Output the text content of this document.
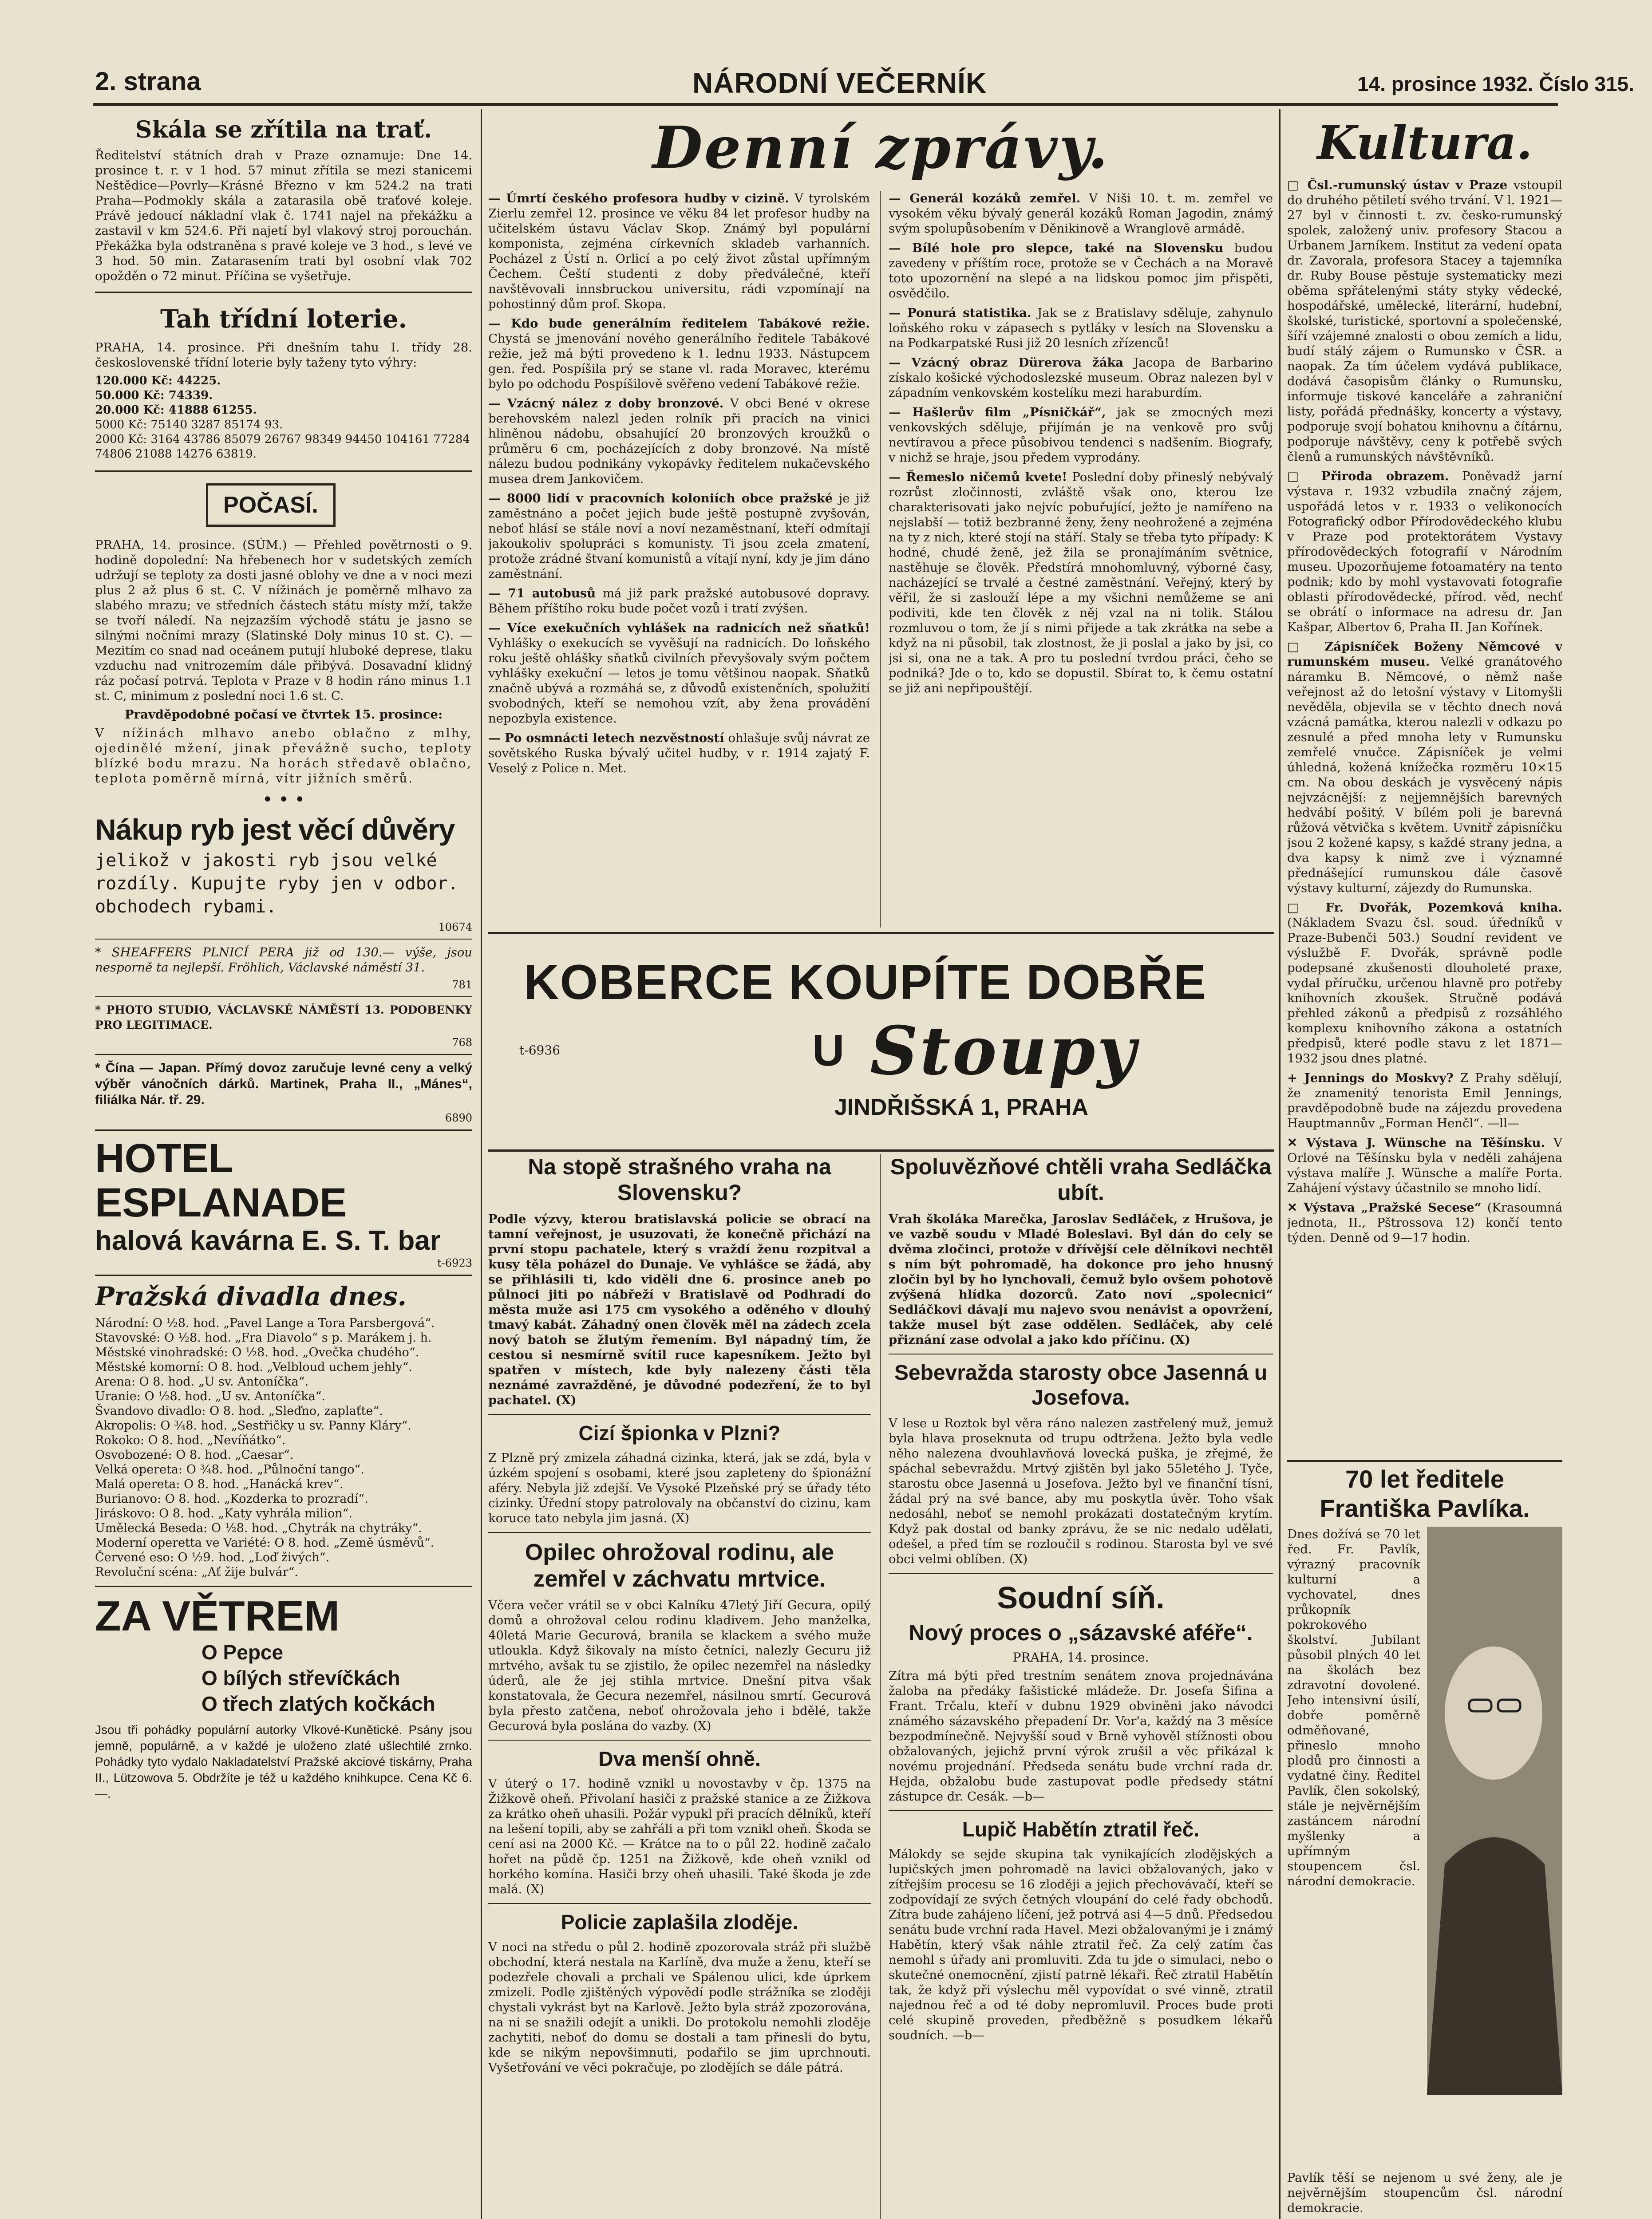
2. strana	NÁRODNÍ VEČERNÍK	14. prosince 1932. Číslo 315.
Skála se zřítila na trať.

Ředitelství státních drah v Praze oznamuje: Dne 14. prosince t. r. v 1 hod. 57 minut zřítila se mezi stanicemi Neštědice—Povrly—Krásné Březno v km 524.2 na trati Praha—Podmokly skála a zatarasila obě traťové koleje. Právě jedoucí nákladní vlak č. 1741 najel na překážku a zastavil v km 524.6. Při najetí byl vlakový stroj porouchán. Překážka byla odstraněna s pravé koleje ve 3 hod., s levé ve 3 hod. 50 min. Zatarasením trati byl osobní vlak 702 opožděn o 72 minut. Příčina se vyšetřuje.

Tah třídní loterie.

PRAHA, 14. prosince. Při dnešním tahu I. třídy 28. československé třídní loterie byly taženy tyto výhry:

120.000 Kč: 44225.
50.000 Kč: 74339.
20.000 Kč: 41888 61255.
5000 Kč: 75140 3287 85174 93.
2000 Kč: 3164 43786 85079 26767 98349 94450 104161 77284 74806 21088 14276 63819.
POČASÍ.

PRAHA, 14. prosince. (SÚM.) — Přehled povětrnosti o 9. hodině dopolední: Na hřebenech hor v sudetských zemích udržují se teploty za dosti jasné oblohy ve dne a v noci mezi plus 2 až plus 6 st. C. V nížinách je poměrně mlhavo za slabého mrazu; ve středních částech státu místy mží, takže se tvoří náledí. Na nejzazším východě státu je jasno se silnými nočními mrazy (Slatinské Doly minus 10 st. C). — Mezitím co snad nad oceánem putují hluboké deprese, tlaku vzduchu nad vnitrozemím dále přibývá. Dosavadní klidný ráz počasí potrvá. Teplota v Praze v 8 hodin ráno minus 1.1 st. C, minimum z poslední noci 1.6 st. C.

Pravděpodobné počasí ve čtvrtek 15. prosince:

V nížinách mlhavo anebo oblačno z mlhy, ojedinělé mžení, jinak převážně sucho, teploty blízké bodu mrazu. Na horách středavě oblačno, teplota poměrně mírná, vítr jižních směrů.

• • •
Nákup ryb jest věcí důvěry
jelikož v jakosti ryb jsou velké rozdíly. Kupujte ryby jen v odbor. obchodech rybami.
10674

* SHEAFFERS PLNICÍ PERA již od 130.— výše, jsou nesporně ta nejlepší. Fröhlich, Václavské náměstí 31.

781

* PHOTO STUDIO, VÁCLAVSKÉ NÁMĚSTÍ 13. PODOBENKY PRO LEGITIMACE.

768

* Čína — Japan. Přímý dovoz zaručuje levné ceny a velký výběr vánočních dárků. Martinek, Praha II., „Mánes“, filiálka Nár. tř. 29.

6890
HOTEL ESPLANADE
halová kavárna E. S. T. bar
t-6923
Pražská divadla dnes.
Národní: O ½8. hod. „Pavel Lange a Tora Parsbergová“.
Stavovské: O ½8. hod. „Fra Diavolo“ s p. Marákem j. h.
Městské vinohradské: O ½8. hod. „Ovečka chudého“.
Městské komorní: O 8. hod. „Velbloud uchem jehly“.
Arena: O 8. hod. „U sv. Antoníčka“.
Uranie: O ½8. hod. „U sv. Antoníčka“.
Švandovo divadlo: O 8. hod. „Sleďno, zaplaťte“.
Akropolis: O ¾8. hod. „Sestřičky u sv. Panny Kláry“.
Rokoko: O 8. hod. „Nevíňátko“.
Osvobozené: O 8. hod. „Caesar“.
Velká opereta: O ¾8. hod. „Půlnoční tango“.
Malá opereta: O 8. hod. „Hanácká krev“.
Burianovo: O 8. hod. „Kozderka to prozradí“.
Jiráskovo: O 8. hod. „Katy vyhrála milion“.
Umělecká Beseda: O ½8. hod. „Chytrák na chytráky“.
Moderní operetta ve Variété: O 8. hod. „Země úsměvů“.
Červené eso: O ½9. hod. „Loď živých“.
Revoluční scéna: „Ať žije bulvár“.
ZA VĚTREM
O Pepce
O bílých střevíčkách
O třech zlatých kočkách

Jsou tři pohádky populární autorky Vlkové-Kunětické. Psány jsou jemně, populárně, a v každé je uloženo zlaté ušlechtilé zrnko. Pohádky tyto vydalo Nakladatelství Pražské akciové tiskárny, Praha II., Lützowova 5. Obdržíte je též u každého knihkupce. Cena Kč 6.—.

Denní zprávy.
— Úmrtí českého profesora hudby v cizině. V tyrolském Zierlu zemřel 12. prosince ve věku 84 let profesor hudby na učitelském ústavu Václav Skop. Známý byl populární komponista, zejména církevních skladeb varhanních. Pocházel z Ústí n. Orlicí a po celý život zůstal upřímným Čechem. Čeští studenti z doby předválečné, kteří navštěvovali innsbruckou universitu, rádi vzpomínají na pohostinný dům prof. Skopa.
— Kdo bude generálním ředitelem Tabákové režie. Chystá se jmenování nového generálního ředitele Tabákové režie, jež má býti provedeno k 1. lednu 1933. Nástupcem gen. řed. Pospíšila prý se stane vl. rada Moravec, kterému bylo po odchodu Pospíšilově svěřeno vedení Tabákové režie.
— Vzácný nález z doby bronzové. V obci Bené v okrese berehovském nalezl jeden rolník při pracích na vinici hliněnou nádobu, obsahující 20 bronzových kroužků o průměru 6 cm, pocházejících z doby bronzové. Na místě nálezu budou podnikány vykopávky ředitelem nukačevského musea drem Jankovičem.
— 8000 lidí v pracovních koloniích obce pražské je již zaměstnáno a počet jejich bude ještě postupně zvyšován, neboť hlásí se stále noví a noví nezaměstnaní, kteří odmítají jakoukoliv spolupráci s komunisty. Ti jsou zcela zmatení, protože zrádné štvaní komunistů a vítají nyní, kdy je jim dáno zaměstnání.
— 71 autobusů má již park pražské autobusové dopravy. Během příštího roku bude počet vozů i tratí zvýšen.
— Více exekučních vyhlášek na radnicích než sňatků! Vyhlášky o exekucích se vyvěšují na radnicích. Do loňského roku ještě ohlášky sňatků civilních převyšovaly svým počtem vyhlášky exekuční — letos je tomu většinou naopak. Sňatků značně ubývá a rozmáhá se, z důvodů existenčních, spolužití svobodných, kteří se nemohou vzít, aby žena provádění nepozbyla existence.
— Po osmnácti letech nezvěstností ohlašuje svůj návrat ze sovětského Ruska bývalý učitel hudby, v r. 1914 zajatý F. Veselý z Police n. Met.
— Generál kozáků zemřel. V Niši 10. t. m. zemřel ve vysokém věku bývalý generál kozáků Roman Jagodin, známý svým spolupůsobením v Děnikinově a Wranglově armádě.
— Bílé hole pro slepce, také na Slovensku budou zavedeny v příštím roce, protože se v Čechách a na Moravě toto upozornění na slepé a na lidskou pomoc jim přispěti, osvědčilo.
— Ponurá statistika. Jak se z Bratislavy sděluje, zahynulo loňského roku v zápasech s pytláky v lesích na Slovensku a na Podkarpatské Rusi již 20 lesních zřízenců!
— Vzácný obraz Dürerova žáka Jacopa de Barbarino získalo košické východoslezské museum. Obraz nalezen byl v západním venkovském kostelíku mezi haraburdím.
— Hašlerův film „Písničkář“, jak se zmocných mezi venkovských sděluje, přijímán je na venkově pro svůj nevtíravou a přece působivou tendenci s nadšením. Biografy, v nichž se hraje, jsou předem vyprodány.
— Řemeslo ničemů kvete! Poslední doby přineslý nebývalý rozrůst zločinnosti, zvláště však ono, kterou lze charakterisovati jako nejvíc pobuřující, ježto je namířeno na nejslabší — totiž bezbranné ženy, ženy neohrožené a zejména na ty z nich, které stojí na stáří. Staly se třeba tyto případy: K hodné, chudé ženě, jež žila se pronajímáním světnice, nastěhuje se člověk. Předstírá mnohomluvný, výborné časy, nacházející se trvalé a čestné zaměstnání. Veřejný, který by věřil, že si zaslouží lépe a my všichni nemůžeme se ani podiviti, kde ten člověk z něj vzal na ni tolik. Stálou rozmluvou o tom, že jí s nimi přijede a tak zkrátka na sebe a když na ni působil, tak zlostnost, že ji poslal a jako by jsi, co jsi si, ona ne a tak. A pro tu poslední tvrdou práci, čeho se podniká? Jde o to, kdo se dopustil. Sbírat to, k čemu ostatní se již ani nepřipouštějí.
KOBERCE KOUPÍTE DOBŘE
U Stoupy
t-6936
JINDŘIŠSKÁ 1, PRAHA
Na stopě strašného vraha na Slovensku?

Podle výzvy, kterou bratislavská policie se obrací na tamní veřejnost, je usuzovati, že konečně přichází na první stopu pachatele, který s vraždí ženu rozpitval a kusy těla poházel do Dunaje. Ve vyhlášce se žádá, aby se přihlásili ti, kdo viděli dne 6. prosince aneb po půlnoci jiti po nábřeží v Bratislavě od Podhradí do města muže asi 175 cm vysokého a oděného v dlouhý tmavý kabát. Záhadný onen člověk měl na zádech zcela nový batoh se žlutým řemením. Byl nápadný tím, že cestou si nesmírně svítil ruce kapesníkem. Ježto byl spatřen v místech, kde byly nalezeny části těla neznámé zavražděné, je důvodné podezření, že to byl pachatel. (X)

Cizí špionka v Plzni?

Z Plzně prý zmizela záhadná cizinka, která, jak se zdá, byla v úzkém spojení s osobami, které jsou zapleteny do špionážní aféry. Nebyla již zdejší. Ve Vysoké Plzeňské prý se úřady této cizinky. Úřední stopy patrolovaly na občanství do cizinu, kam koruce tato nebyla jim jasná. (X)

Opilec ohrožoval rodinu, ale zemřel v záchvatu mrtvice.

Včera večer vrátil se v obci Kalníku 47letý Jiří Gecura, opilý domů a ohrožoval celou rodinu kladivem. Jeho manželka, 40letá Marie Gecurová, branila se klackem a svého muže utloukla. Když šikovaly na místo četníci, nalezly Gecuru již mrtvého, avšak tu se zjistilo, že opilec nezemřel na následky úderů, ale že jej stihla mrtvice. Dnešní pitva však konstatovala, že Gecura nezemřel, násilnou smrtí. Gecurová byla přesto zatčena, neboť ohrožovala jeho i bdělé, takže Gecurová byla poslána do vazby. (X)

Dva menší ohně.

V úterý o 17. hodině vznikl u novostavby v čp. 1375 na Žižkově oheň. Přivolaní hasiči z pražské stanice a ze Žižkova za krátko oheň uhasili. Požár vypukl při pracích dělníků, kteří na lešení topili, aby se zahřáli a při tom vznikl oheň. Škoda se cení asi na 2000 Kč. — Krátce na to o půl 22. hodině začalo hořet na půdě čp. 1251 na Žižkově, kde oheň vznikl od horkého komína. Hasiči brzy oheň uhasili. Také škoda je zde malá. (X)

Policie zaplašila zloděje.

V noci na středu o půl 2. hodině zpozorovala stráž při službě obchodní, která nestala na Karlíně, dva muže a ženu, kteří se podezřele chovali a prchali ve Spálenou ulici, kde úprkem zmizeli. Podle zjištěných výpovědí podle strážníka se zloději chystali vykrást byt na Karlově. Ježto byla stráž zpozorována, na ni se snažili odejít a unikli. Do protokolu nemohli zloděje zachytiti, neboť do domu se dostali a tam přinesli do bytu, kde se nikým nepovšimnuti, podařilo se jim uprchnouti. Vyšetřování ve věci pokračuje, po zlodějích se dále pátrá.

Spoluvězňové chtěli vraha Sedláčka ubít.

Vrah školáka Marečka, Jaroslav Sedláček, z Hrušova, je ve vazbě soudu v Mladé Boleslavi. Byl dán do cely se dvěma zločinci, protože v dřívější cele dělníkovi nechtěl s ním být pohromadě, ha dokonce pro jeho hnusný zločin byl by ho lynchovali, čemuž bylo ovšem pohotově zvýšená hlídka dozorců. Zato noví „spolecnici“ Sedláčkovi dávají mu najevo svou nenávist a opovržení, takže musel být zase oddělen. Sedláček, aby celé přiznání zase odvolal a jako kdo příčinu. (X)

Sebevražda starosty obce Jasenná u Josefova.

V lese u Roztok byl věra ráno nalezen zastřelený muž, jemuž byla hlava proseknuta od trupu odtržena. Ježto byla vedle něho nalezena dvouhlavňová lovecká puška, je zřejmé, že spáchal sebevraždu. Mrtvý zjištěn byl jako 55letého J. Tyče, starostu obce Jasenná u Josefova. Ježto byl ve finanční tísni, žádal prý na své bance, aby mu poskytla úvěr. Toho však nedosáhl, neboť se nemohl prokázati dostatečným krytím. Když pak dostal od banky zprávu, že se nic nedalo udělati, odešel, a před tím se rozloučil s rodinou. Starosta byl ve své obci velmi oblíben. (X)

Soudní síň.
Nový proces o „sázavské aféře“.
PRAHA, 14. prosince.

Zítra má býti před trestním senátem znova projednávána žaloba na předáky fašistické mládeže. Dr. Josefa Šifina a Frant. Trčalu, kteří v dubnu 1929 obviněni jako návodci známého sázavského přepadení Dr. Vor'a, každý na 3 měsíce bezpodmínečně. Nejvyšší soud v Brně vyhověl stížnosti obou obžalovaných, jejichž první výrok zrušil a věc přikázal k novému projednání. Předseda senátu bude vrchní rada dr. Hejda, obžalobu bude zastupovat podle předsedy státní zástupce dr. Cesák. —b—

Lupič Habětín ztratil řeč.

Málokdy se sejde skupina tak vynikajících zlodějských a lupičských jmen pohromadě na lavici obžalovaných, jako v zítřejším procesu se 16 zloději a jejich přechovávačí, kteří se zodpovídají ze svých četných vloupání do celé řady obchodů. Zítra bude zahájeno líčení, jež potrvá asi 4—5 dnů. Předsedou senátu bude vrchní rada Havel. Mezi obžalovanými je i známý Habětín, který však náhle ztratil řeč. Za celý zatím čas nemohl s úřady ani promluviti. Zda tu jde o simulaci, nebo o skutečné onemocnění, zjistí patrně lékaři. Řeč ztratil Habětín tak, že když při výslechu měl vypovídat o své vinně, ztratil najednou řeč a od té doby nepromluvil. Proces bude proti celé skupině proveden, předběžně s posudkem lékařů soudních. —b—

Kultura.
□ Čsl.-rumunský ústav v Praze vstoupil do druhého pětiletí svého trvání. V l. 1921—27 byl v činnosti t. zv. česko-rumunský spolek, založený univ. profesory Stacou a Urbanem Jarníkem. Institut za vedení opata dr. Zavorala, profesora Stacey a tajemníka dr. Ruby Bouse pěstuje systematicky mezi oběma spřátelenými státy styky vědecké, hospodářské, umělecké, literární, hudební, školské, turistické, sportovní a společenské, šíří vzájemné znalosti o obou zemích a lidu, budí stálý zájem o Rumunsko v ČSR. a naopak. Za tím účelem vydává publikace, dodává časopisům články o Rumunsku, informuje tiskové kanceláře a zahraniční listy, pořádá přednášky, koncerty a výstavy, podporuje svojí bohatou knihovnu a čítárnu, podporuje návštěvy, ceny k potřebě svých členů a rumunských návštěvníků.
□ Přiroda obrazem. Poněvadž jarní výstava r. 1932 vzbudila značný zájem, uspořádá letos v r. 1933 o velikonocích Fotografický odbor Přírodovědeckého klubu v Praze pod protektorátem Vystavy přírodovědeckých fotografií v Národním museu. Upozorňujeme fotoamatéry na tento podnik; kdo by mohl vystavovati fotografie oblasti přírodovědecké, přírod. věd, nechť se obrátí o informace na adresu dr. Jan Kašpar, Albertov 6, Praha II. Jan Kořínek.
□ Zápisníček Boženy Němcové v rumunském museu. Velké granátového náramku B. Němcové, o němž naše veřejnost až do letošní výstavy v Litomyšli nevěděla, objevila se v těchto dnech nová vzácná památka, kterou nalezli v odkazu po zesnulé a před mnoha lety v Rumunsku zemřelé vnučce. Zápisníček je velmi úhledná, kožená knížečka rozměru 10×15 cm. Na obou deskách je vysvěcený nápis nejvzácnější: z nejjemnějších barevných hedvábí pošitý. V bílém poli je barevná růžová větvička s květem. Uvnitř zápisníčku jsou 2 kožené kapsy, s každé strany jedna, a dva kapsy k nimž zve i významné přednášející rumunskou dále časově výstavy kulturní, zájezdy do Rumunska.
□ Fr. Dvořák, Pozemková kniha. (Nákladem Svazu čsl. soud. úředníků v Praze-Bubenči 503.) Soudní revident ve výslužbě F. Dvořák, správně podle podepsané zkušenosti dlouholeté praxe, vydal příručku, určenou hlavně pro potřeby knihovních zkoušek. Stručně podává přehled zákonů a předpisů z rozsáhlého komplexu knihovního zákona a ostatních předpisů, které podle stavu z let 1871—1932 jsou dnes platné.
+ Jennings do Moskvy? Z Prahy sdělují, že znamenitý tenorista Emil Jennings, pravděpodobně bude na zájezdu provedena Hauptmannův „Forman Henčl“. —ll—
✕ Výstava J. Wünsche na Těšínsku. V Orlové na Těšínsku byla v neděli zahájena výstava malíře J. Wünsche a malíře Porta. Zahájení výstavy účastnilo se mnoho lidí.
✕ Výstava „Pražské Secese“ (Krasoumná jednota, II., Pštrossova 12) končí tento týden. Denně od 9—17 hodin.
70 let ředitele Františka Pavlíka.
Dnes dožívá se 70 let řed. Fr. Pavlík, výrazný pracovník kulturní a vychovatel, dnes průkopník pokrokového školství. Jubilant působil plných 40 let na školách bez zdravotní dovolené. Jeho intensivní úsilí, dobře poměrně odměňované, přineslo mnoho plodů pro činnosti a vydatné činy. Ředitel Pavlík, člen sokolský, stále je nejvěrnějším zastáncem národní myšlenky a upřímným stoupencem čsl. národní demokracie.
Pavlík těší se nejenom u své ženy, ale je nejvěrnějším stoupencům čsl. národní demokracie.
